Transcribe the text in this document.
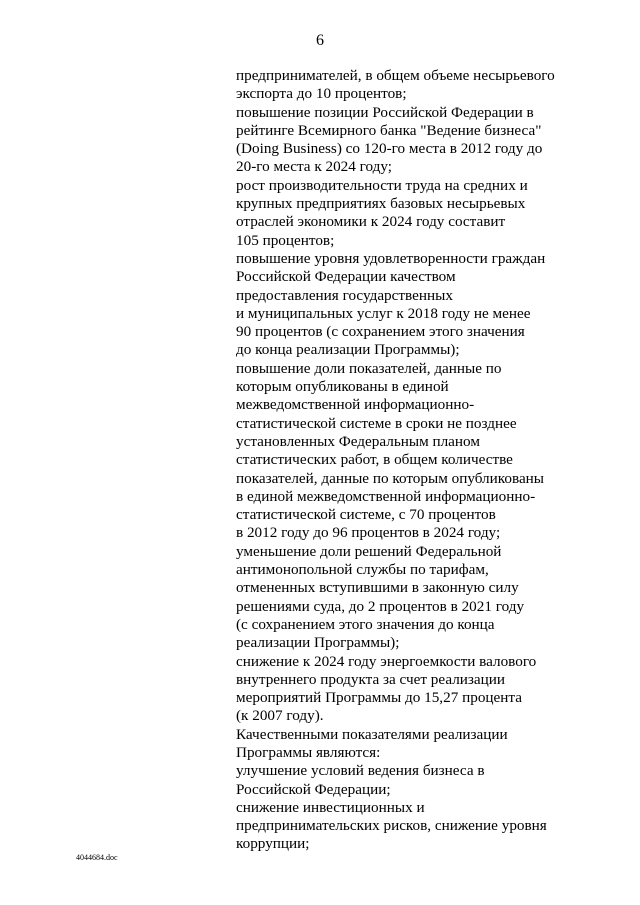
6
предпринимателей, в общем объеме несырьевого
экспорта до 10 процентов;
повышение позиции Российской Федерации в
рейтинге Всемирного банка "Ведение бизнеса"
(Doing Business) со 120-го места в 2012 году до
20-го места к 2024 году;
рост производительности труда на средних и
крупных предприятиях базовых несырьевых
отраслей экономики к 2024 году составит
105 процентов;
повышение уровня удовлетворенности граждан
Российской Федерации качеством
предоставления государственных
и муниципальных услуг к 2018 году не менее
90 процентов (с сохранением этого значения
до конца реализации Программы);
повышение доли показателей, данные по
которым опубликованы в единой
межведомственной информационно-
статистической системе в сроки не позднее
установленных Федеральным планом
статистических работ, в общем количестве
показателей, данные по которым опубликованы
в единой межведомственной информационно-
статистической системе, с 70 процентов
в 2012 году до 96 процентов в 2024 году;
уменьшение доли решений Федеральной
антимонопольной службы по тарифам,
отмененных вступившими в законную силу
решениями суда, до 2 процентов в 2021 году
(с сохранением этого значения до конца
реализации Программы);
снижение к 2024 году энергоемкости валового
внутреннего продукта за счет реализации
мероприятий Программы до 15,27 процента
(к 2007 году).
Качественными показателями реализации
Программы являются:
улучшение условий ведения бизнеса в
Российской Федерации;
снижение инвестиционных и
предпринимательских рисков, снижение уровня
коррупции;
4044684.doc
